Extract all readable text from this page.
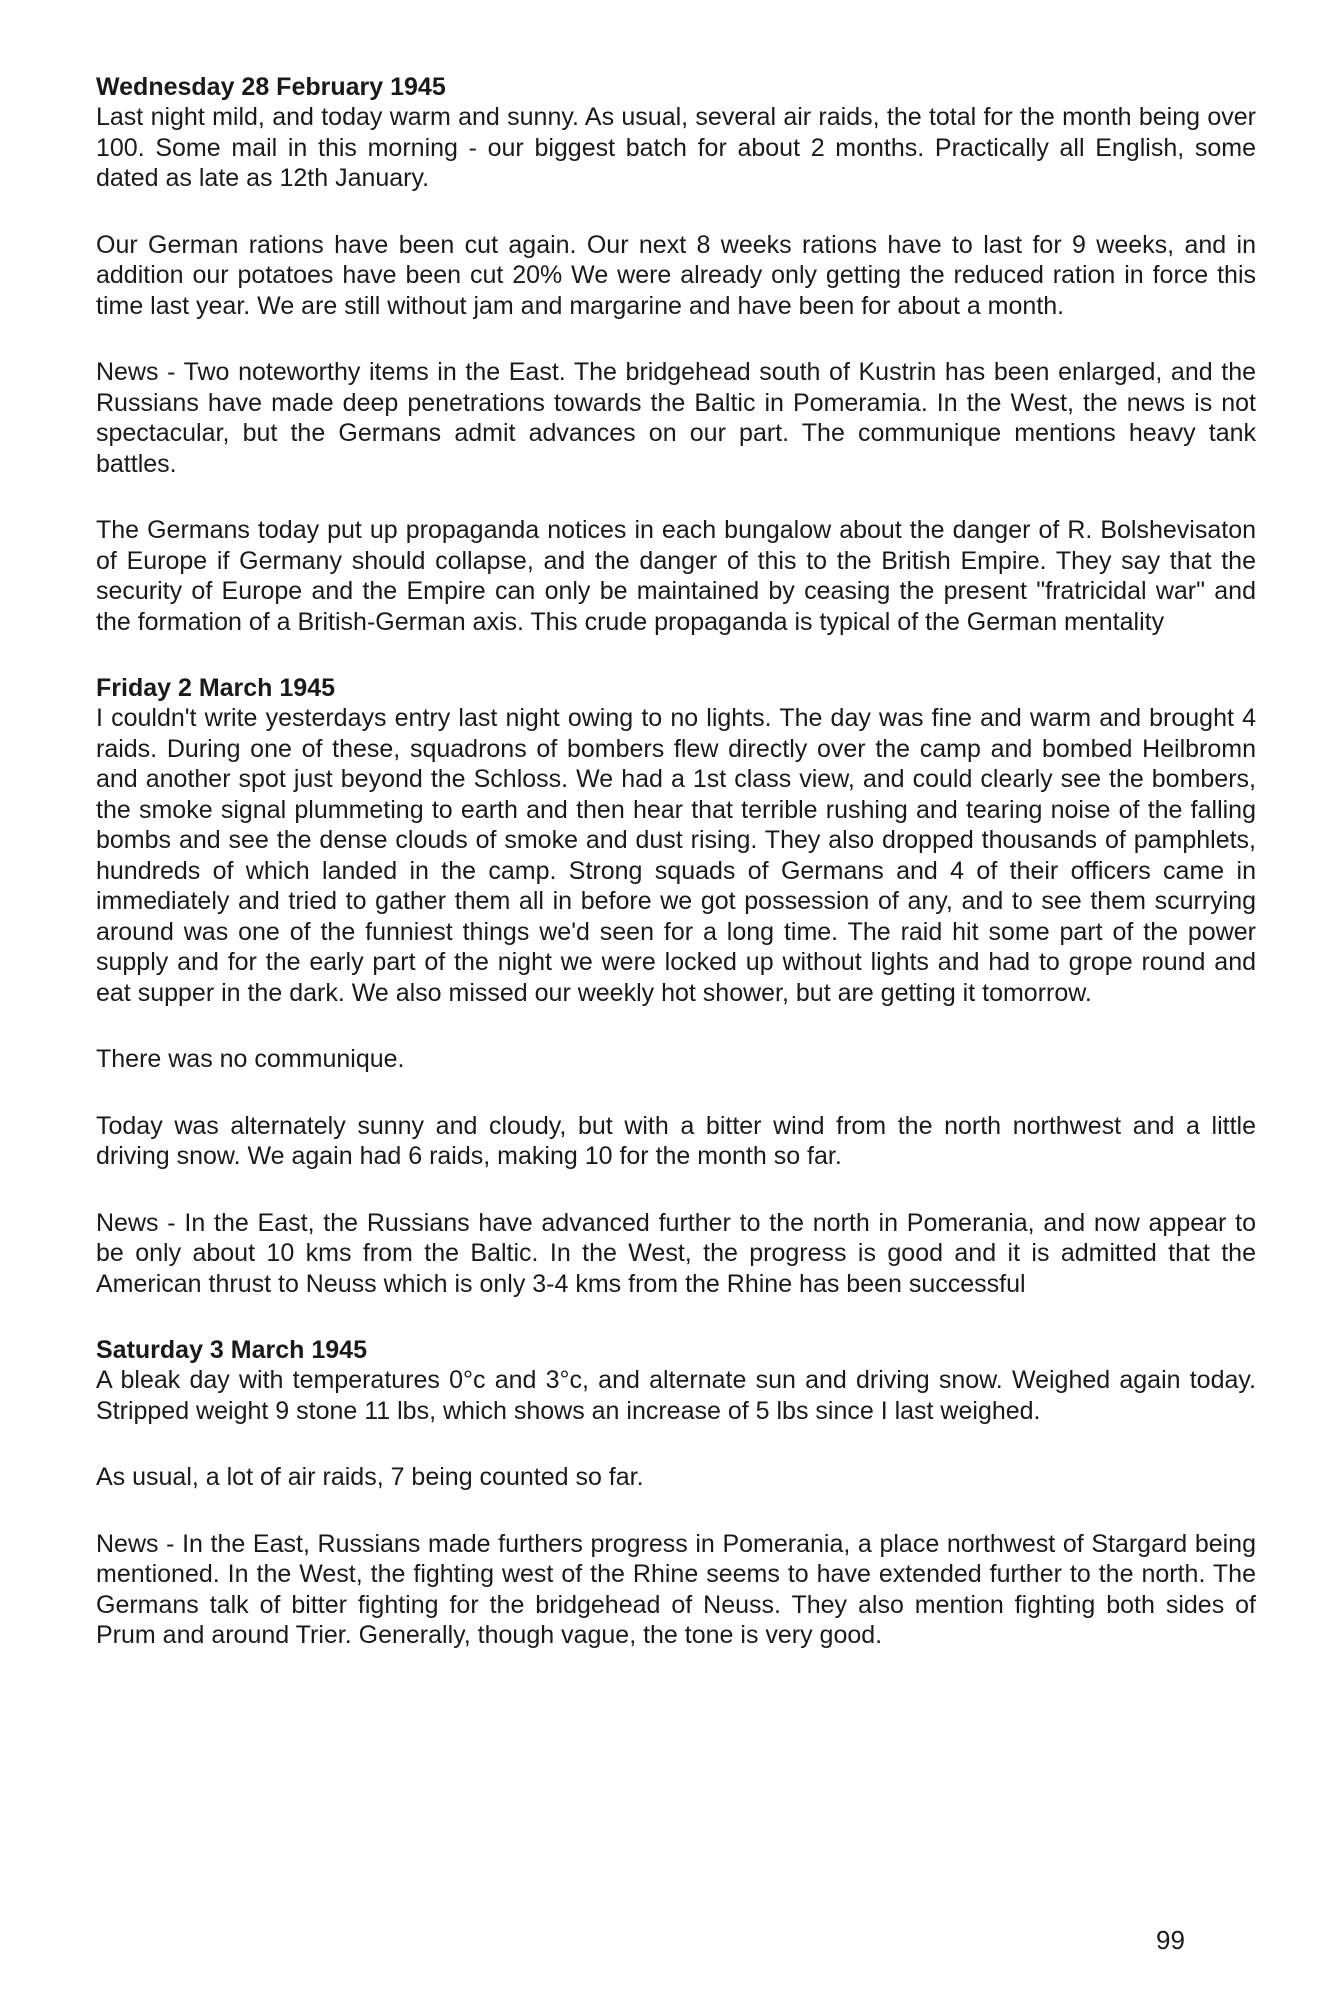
Wednesday 28 February 1945

Last night mild, and today warm and sunny. As usual, several air raids, the total for the month being over 100. Some mail in this morning - our biggest batch for about 2 months. Practically all English, some dated as late as 12th January.

Our German rations have been cut again. Our next 8 weeks rations have to last for 9 weeks, and in addition our potatoes have been cut 20% We were already only getting the reduced ration in force this time last year. We are still without jam and margarine and have been for about a month.

News - Two noteworthy items in the East. The bridgehead south of Kustrin has been enlarged, and the Russians have made deep penetrations towards the Baltic in Pomeramia. In the West, the news is not spectacular, but the Germans admit advances on our part. The communique mentions heavy tank battles.

The Germans today put up propaganda notices in each bungalow about the danger of R. Bolshevisaton of Europe if Germany should collapse, and the danger of this to the British Empire. They say that the security of Europe and the Empire can only be maintained by ceasing the present "fratricidal war" and the formation of a British-German axis. This crude propaganda is typical of the German mentality

Friday 2 March 1945

I couldn't write yesterdays entry last night owing to no lights. The day was fine and warm and brought 4 raids. During one of these, squadrons of bombers flew directly over the camp and bombed Heilbromn and another spot just beyond the Schloss. We had a 1st class view, and could clearly see the bombers, the smoke signal plummeting to earth and then hear that terrible rushing and tearing noise of the falling bombs and see the dense clouds of smoke and dust rising. They also dropped thousands of pamphlets, hundreds of which landed in the camp. Strong squads of Germans and 4 of their officers came in immediately and tried to gather them all in before we got possession of any, and to see them scurrying around was one of the funniest things we'd seen for a long time. The raid hit some part of the power supply and for the early part of the night we were locked up without lights and had to grope round and eat supper in the dark. We also missed our weekly hot shower, but are getting it tomorrow.

There was no communique.

Today was alternately sunny and cloudy, but with a bitter wind from the north northwest and a little driving snow. We again had 6 raids, making 10 for the month so far.

News - In the East, the Russians have advanced further to the north in Pomerania, and now appear to be only about 10 kms from the Baltic. In the West, the progress is good and it is admitted that the American thrust to Neuss which is only 3-4 kms from the Rhine has been successful

Saturday 3 March 1945

A bleak day with temperatures 0°c and 3°c, and alternate sun and driving snow. Weighed again today. Stripped weight 9 stone 11 lbs, which shows an increase of 5 lbs since I last weighed.

As usual, a lot of air raids, 7 being counted so far.

News - In the East, Russians made furthers progress in Pomerania, a place northwest of Stargard being mentioned. In the West, the fighting west of the Rhine seems to have extended further to the north. The Germans talk of bitter fighting for the bridgehead of Neuss. They also mention fighting both sides of Prum and around Trier. Generally, though vague, the tone is very good.

99
